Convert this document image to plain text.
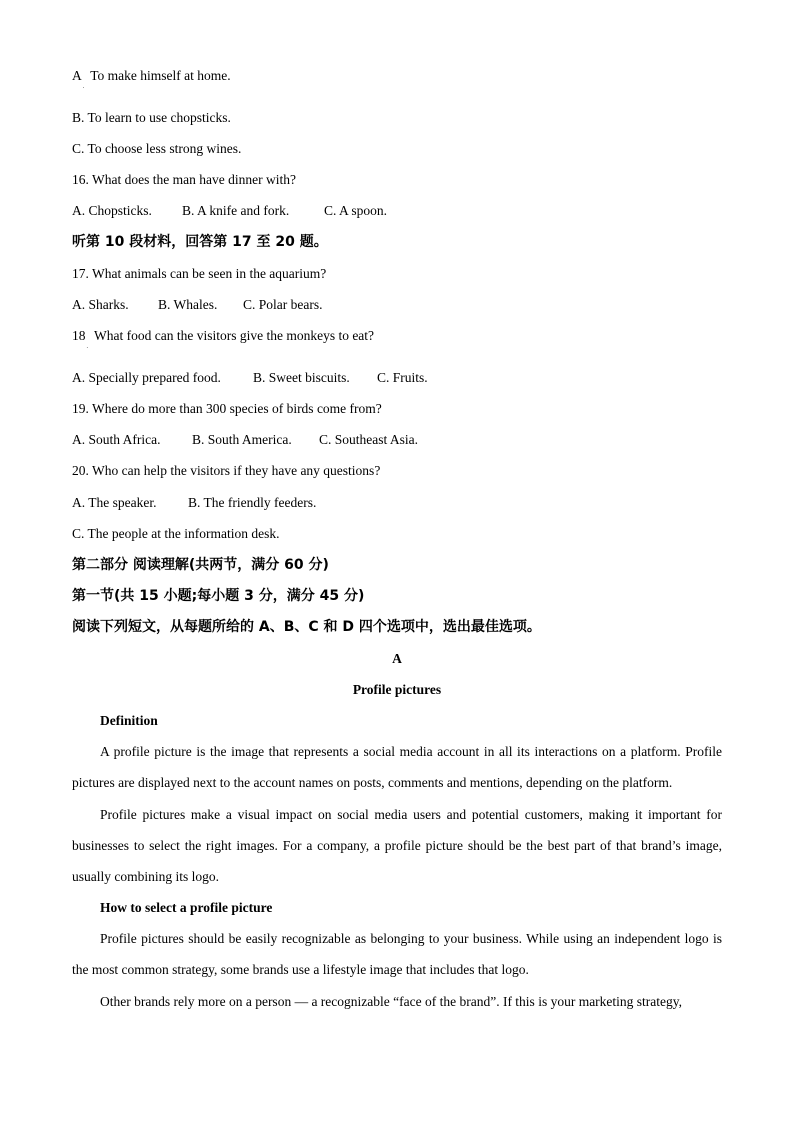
$A_.To$ make himself at home.
B. To learn to use chopsticks.
C. To choose less strong wines.
16. What does the man have dinner with?
A. Chopsticks. B. A knife and fork.	C. A spoon.
听第 10 段材料，回答第 17 至 20 题。
17. What animals can be seen in the aquarium?
A. Sharks. B. Whales. C. Polar bears.
$18_.What$ food can the visitors give the monkeys to eat?
A. Specially prepared food. B. Sweet biscuits. C. Fruits.
19. Where do more than 300 species of birds come from?
A. South Africa. B. South America. C. Southeast Asia.
20. Who can help the visitors if they have any questions?
A. The speaker. B. The friendly feeders.
C. The people at the information desk.
第二部分 阅读理解(共两节，满分 60 分)
第一节(共 15 小题;每小题 3 分，满分 45 分)
阅读下列短文，从每题所给的 A、B、C 和 D 四个选项中，选出最佳选项。
A
Profile pictures
Definition

A profile picture is the image that represents a social media account in all its interactions on a platform. Profile pictures are displayed next to the account names on posts, comments and mentions, depending on the platform.

Profile pictures make a visual impact on social media users and potential customers, making it important for businesses to select the right images. For a company, a profile picture should be the best part of that brand’s image, usually combining its logo.

How to select a profile picture

Profile pictures should be easily recognizable as belonging to your business. While using an independent logo is the most common strategy, some brands use a lifestyle image that includes that logo.

Other brands rely more on a person — a recognizable “face of the brand”. If this is your marketing strategy,
